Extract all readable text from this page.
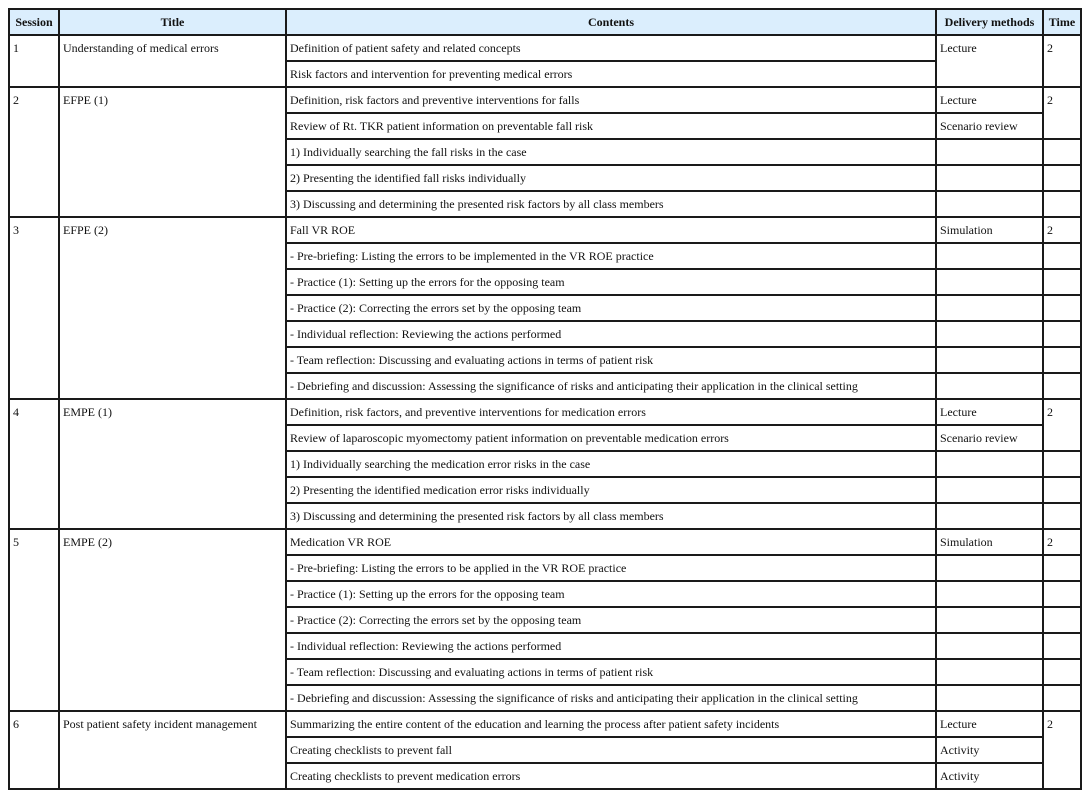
Session	Title	Contents	Delivery methods	Time
1	Understanding of medical errors	Definition of patient safety and related concepts	Lecture	2
		Risk factors and intervention for preventing medical errors		
2	EFPE (1)	Definition, risk factors and preventive interventions for falls	Lecture	2
		Review of Rt. TKR patient information on preventable fall risk	Scenario review	
		1) Individually searching the fall risks in the case		
		2) Presenting the identified fall risks individually		
		3) Discussing and determining the presented risk factors by all class members		
3	EFPE (2)	Fall VR ROE	Simulation	2
		- Pre-briefing: Listing the errors to be implemented in the VR ROE practice		
		- Practice (1): Setting up the errors for the opposing team		
		- Practice (2): Correcting the errors set by the opposing team		
		- Individual reflection: Reviewing the actions performed		
		- Team reflection: Discussing and evaluating actions in terms of patient risk		
		- Debriefing and discussion: Assessing the significance of risks and anticipating their application in the clinical setting		
4	EMPE (1)	Definition, risk factors, and preventive interventions for medication errors	Lecture	2
		Review of laparoscopic myomectomy patient information on preventable medication errors	Scenario review	
		1) Individually searching the medication error risks in the case		
		2) Presenting the identified medication error risks individually		
		3) Discussing and determining the presented risk factors by all class members		
5	EMPE (2)	Medication VR ROE	Simulation	2
		- Pre-briefing: Listing the errors to be applied in the VR ROE practice		
		- Practice (1): Setting up the errors for the opposing team		
		- Practice (2): Correcting the errors set by the opposing team		
		- Individual reflection: Reviewing the actions performed		
		- Team reflection: Discussing and evaluating actions in terms of patient risk		
		- Debriefing and discussion: Assessing the significance of risks and anticipating their application in the clinical setting		
6	Post patient safety incident management	Summarizing the entire content of the education and learning the process after patient safety incidents	Lecture	2
		Creating checklists to prevent fall	Activity	
		Creating checklists to prevent medication errors	Activity	
